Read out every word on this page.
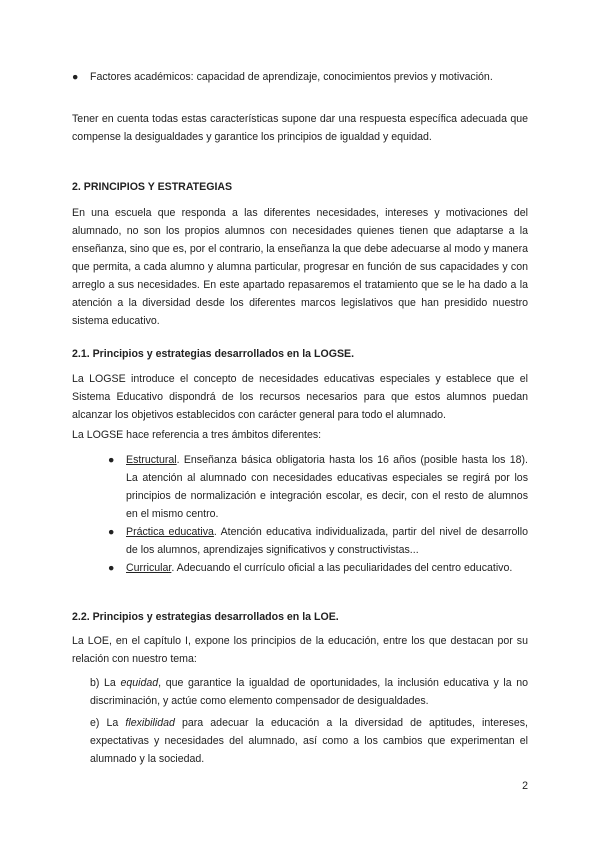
● Factores académicos: capacidad de aprendizaje, conocimientos previos y motivación.

Tener en cuenta todas estas características supone dar una respuesta específica adecuada que compense la desigualdades y garantice los principios de igualdad y equidad.

2. PRINCIPIOS Y ESTRATEGIAS

En una escuela que responda a las diferentes necesidades, intereses y motivaciones del alumnado, no son los propios alumnos con necesidades quienes tienen que adaptarse a la enseñanza, sino que es, por el contrario, la enseñanza la que debe adecuarse al modo y manera que permita, a cada alumno y alumna particular, progresar en función de sus capacidades y con arreglo a sus necesidades. En este apartado repasaremos el tratamiento que se le ha dado a la atención a la diversidad desde los diferentes marcos legislativos que han presidido nuestro sistema educativo.

2.1. Principios y estrategias desarrollados en la LOGSE.

La LOGSE introduce el concepto de necesidades educativas especiales y establece que el Sistema Educativo dispondrá de los recursos necesarios para que estos alumnos puedan alcanzar los objetivos establecidos con carácter general para todo el alumnado.

La LOGSE hace referencia a tres ámbitos diferentes:

● Estructural. Enseñanza básica obligatoria hasta los 16 años (posible hasta los 18). La atención al alumnado con necesidades educativas especiales se regirá por los principios de normalización e integración escolar, es decir, con el resto de alumnos en el mismo centro.
● Práctica educativa. Atención educativa individualizada, partir del nivel de desarrollo de los alumnos, aprendizajes significativos y constructivistas...
● Curricular. Adecuando el currículo oficial a las peculiaridades del centro educativo.
2.2. Principios y estrategias desarrollados en la LOE.

La LOE, en el capítulo I, expone los principios de la educación, entre los que destacan por su relación con nuestro tema:

b) La equidad, que garantice la igualdad de oportunidades, la inclusión educativa y la no discriminación, y actúe como elemento compensador de desigualdades.

e) La flexibilidad para adecuar la educación a la diversidad de aptitudes, intereses, expectativas y necesidades del alumnado, así como a los cambios que experimentan el alumnado y la sociedad.

2
